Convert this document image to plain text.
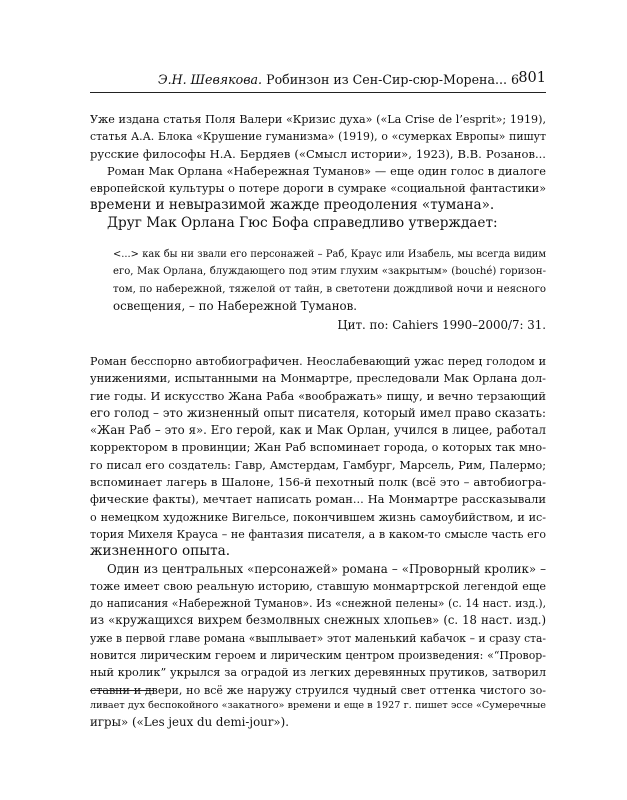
Э.Н. Шевякова. Робинзон из Сен-Сир-сюр-Морена... 6 801
Уже издана статья Поля Валери «Кризис духа» («La Crise de l’esprit»; 1919),
статья А.А. Блока «Крушение гуманизма» (1919), о «сумерках Европы» пишут
русские философы Н.А. Бердяев («Смысл истории», 1923), В.В. Розанов...
Роман Мак Орлана «Набережная Туманов» — еще один голос в диалоге
европейской культуры о потере дороги в сумраке «социальной фантастики»
времени и невыразимой жажде преодоления «тумана».
Друг Мак Орлана Гюс Бофа справедливо утверждает:
<...> как бы ни звали его персонажей – Раб, Краус или Изабель, мы всегда видим
его, Мак Орлана, блуждающего под этим глухим «закрытым» (bouché) горизон-
том, по набережной, тяжелой от тайн, в светотени дождливой ночи и неясного
освещения, – по Набережной Туманов.
Цит. по: Cahiers 1990–2000/7: 31.
Роман бесспорно автобиографичен. Неослабевающий ужас перед голодом и
унижениями, испытанными на Монмартре, преследовали Мак Орлана дол-
гие годы. И искусство Жана Раба «воображать» пищу, и вечно терзающий
его голод – это жизненный опыт писателя, который имел право сказать:
«Жан Раб – это я». Его герой, как и Мак Орлан, учился в лицее, работал
корректором в провинции; Жан Раб вспоминает города, о которых так мно-
го писал его создатель: Гавр, Амстердам, Гамбург, Марсель, Рим, Палермо;
вспоминает лагерь в Шалоне, 156-й пехотный полк (всё это – автобиогра-
фические факты), мечтает написать роман... На Монмартре рассказывали
о немецком художнике Вигельсе, покончившем жизнь самоубийством, и ис-
тория Михеля Крауса – не фантазия писателя, а в каком-то смысле часть его
жизненного опыта.
Один из центральных «персонажей» романа – «Проворный кролик» –
тоже имеет свою реальную историю, ставшую монмартрской легендой еще
до написания «Набережной Туманов». Из «снежной пелены» (с. 14 наст. изд.),
из «кружащихся вихрем безмолвных снежных хлопьев» (с. 18 наст. изд.)
уже в первой главе романа «выплывает» этот маленький кабачок – и сразу ста-
новится лирическим героем и лирическим центром произведения: «“Провор-
ный кролик” укрылся за оградой из легких деревянных прутиков, затворил
ставни и двери, но всё же наружу струился чудный свет оттенка чистого зо-
ливает дух беспокойного «закатного» времени и еще в 1927 г. пишет эссе «Сумеречные
игры» («Les jeux du demi-jour»).
